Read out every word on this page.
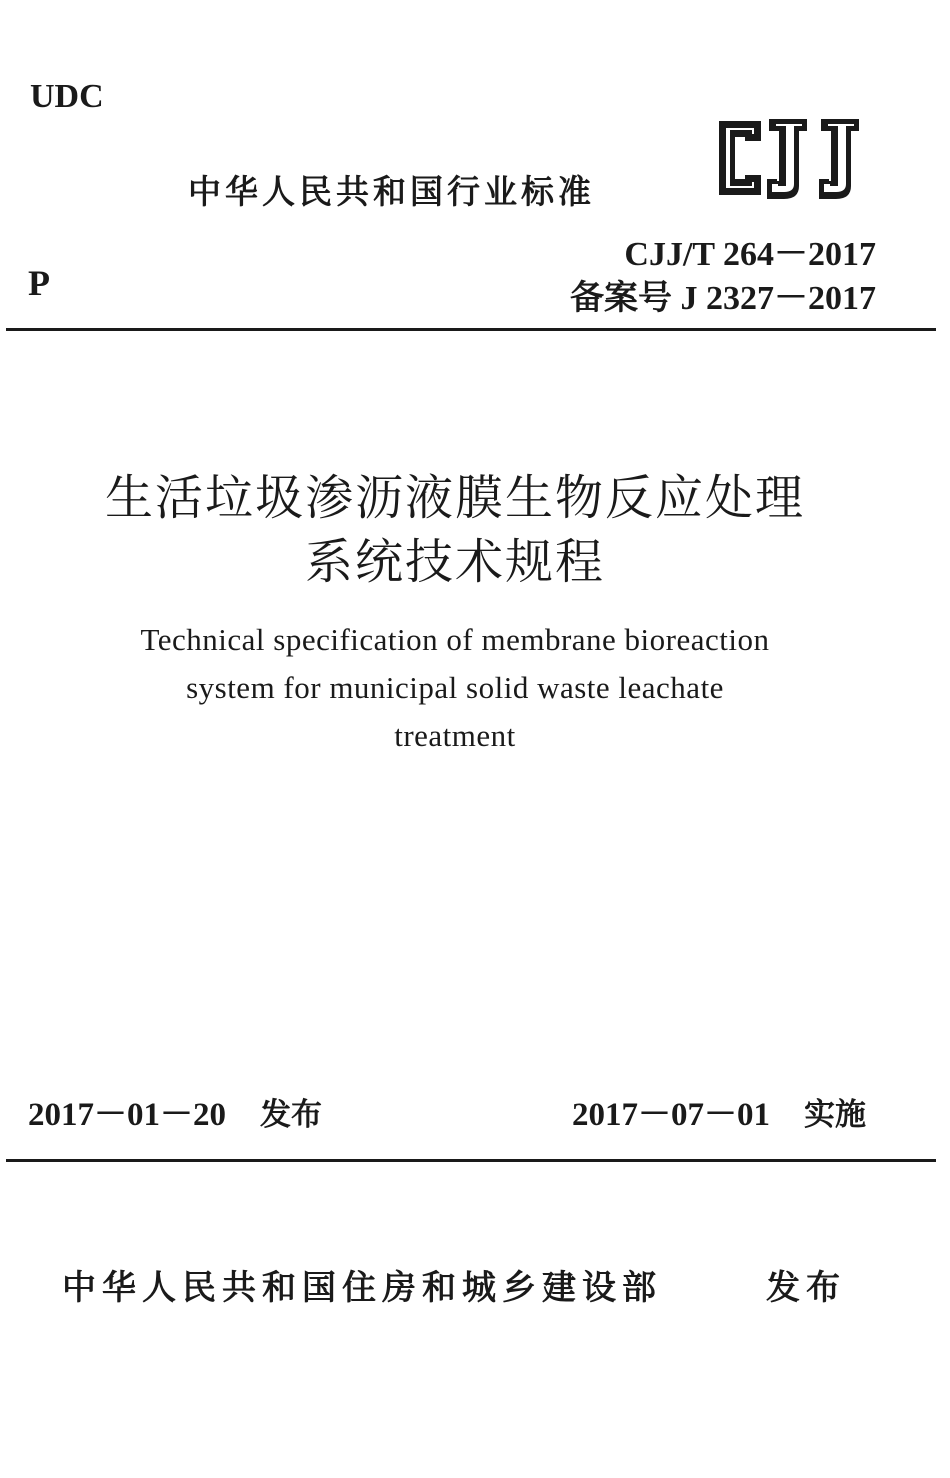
UDC
中华人民共和国行业标准
CJJ/T 264－2017
P	备案号 J 2327－2017
生活垃圾渗沥液膜生物反应处理
系统技术规程
Technical specification of membrane bioreaction
system for municipal solid waste leachate
treatment
2017－01－20 发布	2017－07－01 实施
中华人民共和国住房和城乡建设部	发布
